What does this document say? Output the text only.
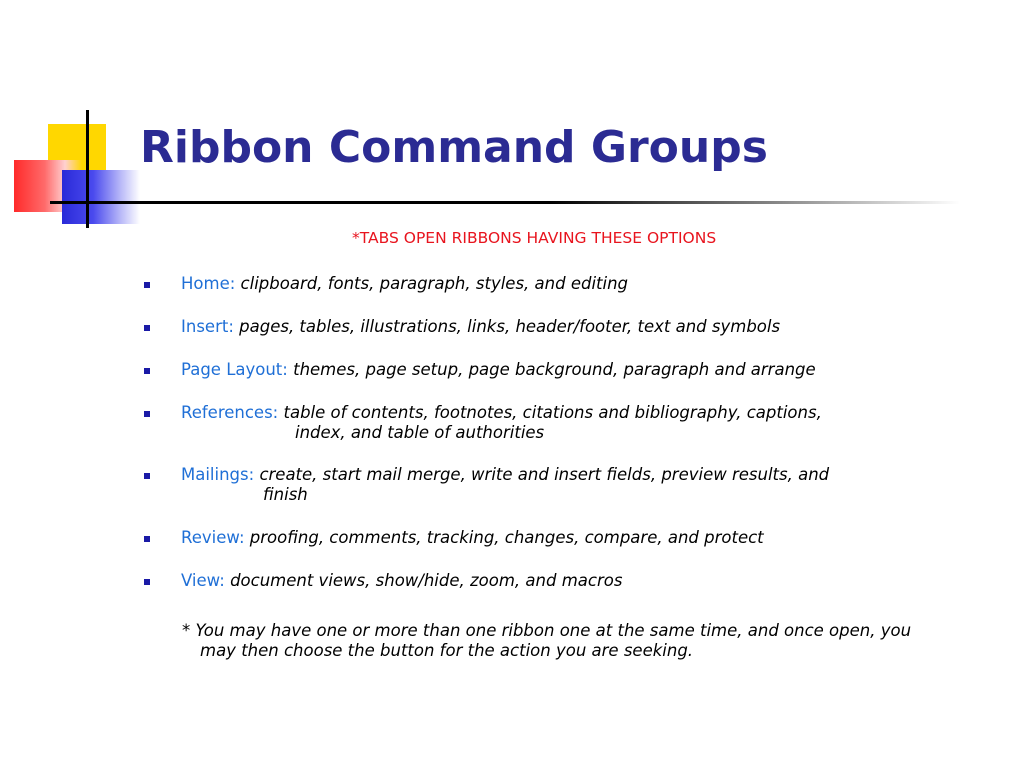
Ribbon Command Groups
*TABS OPEN RIBBONS HAVING THESE OPTIONS
Home: clipboard, fonts, paragraph, styles, and editing
Insert: pages, tables, illustrations, links, header/footer, text and symbols
Page Layout: themes, page setup, page background, paragraph and arrange
References: table of contents, footnotes, citations and bibliography, captions,
index, and table of authorities
Mailings: create, start mail merge, write and insert fields, preview results, and
finish
Review: proofing, comments, tracking, changes, compare, and protect
View: document views, show/hide, zoom, and macros

* You may have one or more than one ribbon one at the same time, and once open, you
may then choose the button for the action you are seeking.
